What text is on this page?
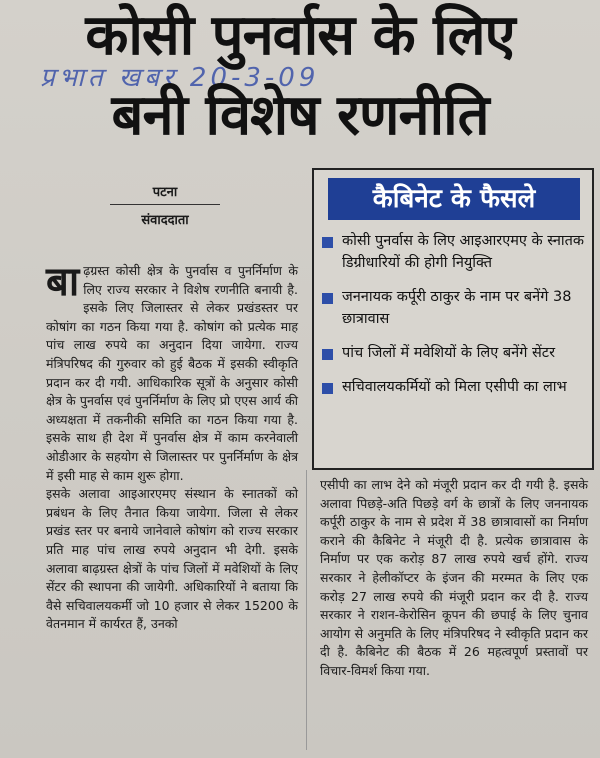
कोसी पुनर्वास के लिए
प्रभात खबर 20-3-09
बनी विशेष रणनीति
पटना
संवाददाता
कैबिनेट के फैसले
कोसी पुनर्वास के लिए आइआरएमए के स्नातक डिग्रीधारियों की होगी नियुक्ति
जननायक कर्पूरी ठाकुर के नाम पर बनेंगे 38 छात्रावास
पांच जिलों में मवेशियों के लिए बनेंगे सेंटर
सचिवालयकर्मियों को मिला एसीपी का लाभ

बाढ़ग्रस्त कोसी क्षेत्र के पुनर्वास व पुनर्निर्माण के लिए राज्य सरकार ने विशेष रणनीति बनायी है. इसके लिए जिलास्तर से लेकर प्रखंडस्तर पर कोषांग का गठन किया गया है. कोषांग को प्रत्येक माह पांच लाख रुपये का अनुदान दिया जायेगा. राज्य मंत्रिपरिषद की गुरुवार को हुई बैठक में इसकी स्वीकृति प्रदान कर दी गयी. आधिकारिक सूत्रों के अनुसार कोसी क्षेत्र के पुनर्वास एवं पुनर्निर्माण के लिए प्रो एएस आर्य की अध्यक्षता में तकनीकी समिति का गठन किया गया है. इसके साथ ही देश में पुनर्वास क्षेत्र में काम करनेवाली ओडीआर के सहयोग से जिलास्तर पर पुनर्निर्माण के क्षेत्र में इसी माह से काम शुरू होगा.

इसके अलावा आइआरएमए संस्थान के स्नातकों को प्रबंधन के लिए तैनात किया जायेगा. जिला से लेकर प्रखंड स्तर पर बनाये जानेवाले कोषांग को राज्य सरकार प्रति माह पांच लाख रुपये अनुदान भी देगी. इसके अलावा बाढ़ग्रस्त क्षेत्रों के पांच जिलों में मवेशियों के लिए सेंटर की स्थापना की जायेगी. अधिकारियों ने बताया कि वैसे सचिवालयकर्मी जो 10 हजार से लेकर 15200 के वेतनमान में कार्यरत हैं, उनको

एसीपी का लाभ देने को मंजूरी प्रदान कर दी गयी है. इसके अलावा पिछड़े-अति पिछड़े वर्ग के छात्रों के लिए जननायक कर्पूरी ठाकुर के नाम से प्रदेश में 38 छात्रावासों का निर्माण कराने की कैबिनेट ने मंजूरी दी है. प्रत्येक छात्रावास के निर्माण पर एक करोड़ 87 लाख रुपये खर्च होंगे. राज्य सरकार ने हेलीकॉप्टर के इंजन की मरम्मत के लिए एक करोड़ 27 लाख रुपये की मंजूरी प्रदान कर दी है. राज्य सरकार ने राशन-केरोसिन कूपन की छपाई के लिए चुनाव आयोग से अनुमति के लिए मंत्रिपरिषद ने स्वीकृति प्रदान कर दी है. कैबिनेट की बैठक में 26 महत्वपूर्ण प्रस्तावों पर विचार-विमर्श किया गया.
